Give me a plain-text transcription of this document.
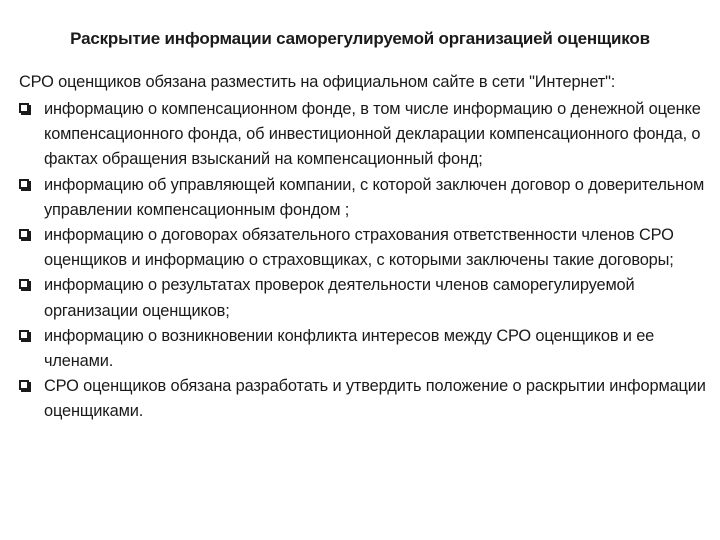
Раскрытие информации саморегулируемой организацией оценщиков
СРО оценщиков обязана разместить на официальном сайте в сети "Интернет":
информацию о компенсационном фонде, в том числе информацию о денежной оценке компенсационного фонда, об инвестиционной декларации компенсационного фонда, о фактах обращения взысканий на компенсационный фонд;
информацию об управляющей компании, с которой заключен договор о доверительном управлении компенсационным фондом ;
информацию о договорах обязательного страхования ответственности членов СРО оценщиков и информацию о страховщиках, с которыми заключены такие договоры;
информацию о результатах проверок деятельности членов саморегулируемой организации оценщиков;
информацию о возникновении конфликта интересов между СРО оценщиков и ее членами.
СРО оценщиков обязана разработать и утвердить положение о раскрытии информации оценщиками.
